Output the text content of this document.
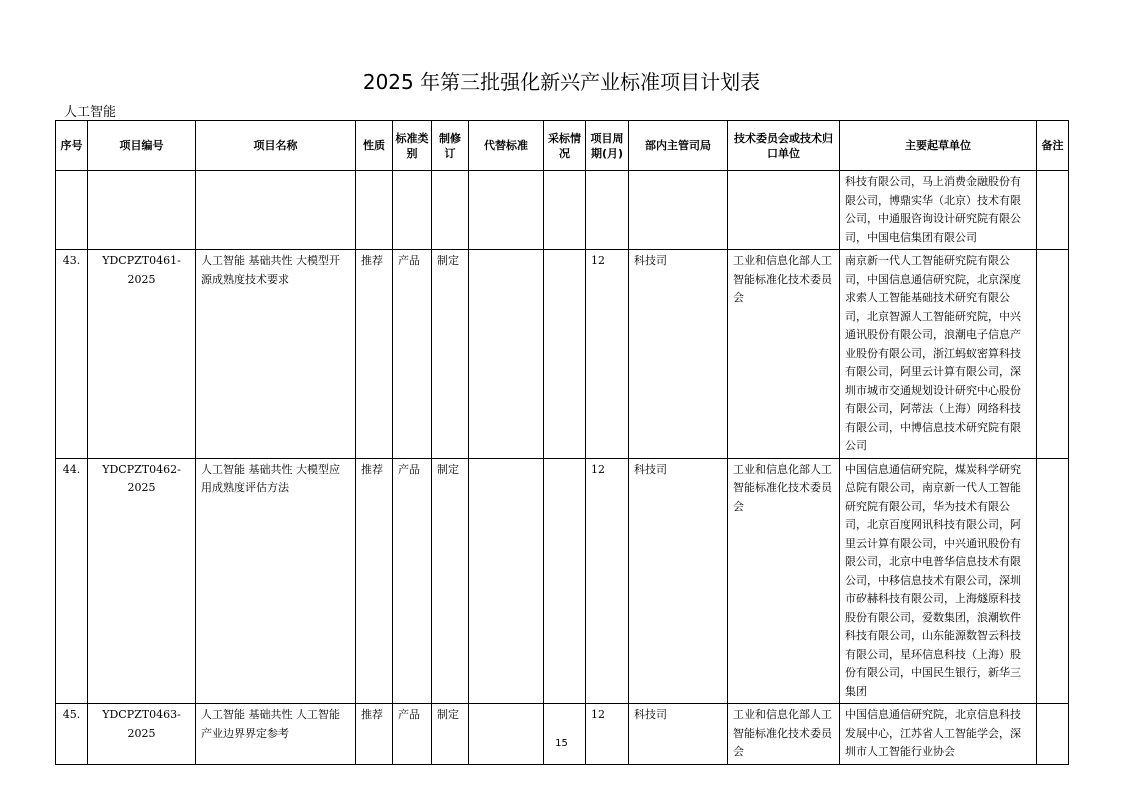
2025 年第三批强化新兴产业标准项目计划表
人工智能
序号	项目编号	项目名称	性质	标准类别	制修订	代替标准	采标情况	项目周期(月)	部内主管司局	技术委员会或技术归口单位	主要起草单位	备注
											科技有限公司，马上消费金融股份有限公司，博鼎实华（北京）技术有限公司，中通服咨询设计研究院有限公司，中国电信集团有限公司	
43.	YDCPZT0461-2025	人工智能 基础共性 大模型开源成熟度技术要求	推荐	产品	制定			12	科技司	工业和信息化部人工智能标准化技术委员会	南京新一代人工智能研究院有限公司，中国信息通信研究院，北京深度求索人工智能基础技术研究有限公司，北京智源人工智能研究院，中兴通讯股份有限公司，浪潮电子信息产业股份有限公司，浙江蚂蚁密算科技有限公司，阿里云计算有限公司，深圳市城市交通规划设计研究中心股份有限公司，阿蒂法（上海）网络科技有限公司，中博信息技术研究院有限公司	
44.	YDCPZT0462-2025	人工智能 基础共性 大模型应用成熟度评估方法	推荐	产品	制定			12	科技司	工业和信息化部人工智能标准化技术委员会	中国信息通信研究院，煤炭科学研究总院有限公司，南京新一代人工智能研究院有限公司，华为技术有限公司，北京百度网讯科技有限公司，阿里云计算有限公司，中兴通讯股份有限公司，北京中电普华信息技术有限公司，中移信息技术有限公司，深圳市矽赫科技有限公司，上海燧原科技股份有限公司，爱数集团，浪潮软件科技有限公司，山东能源数智云科技有限公司，星环信息科技（上海）股份有限公司，中国民生银行，新华三集团	
45.	YDCPZT0463-2025	人工智能 基础共性 人工智能产业边界界定参考	推荐	产品	制定			12	科技司	工业和信息化部人工智能标准化技术委员会	中国信息通信研究院，北京信息科技发展中心，江苏省人工智能学会，深圳市人工智能行业协会	
15
